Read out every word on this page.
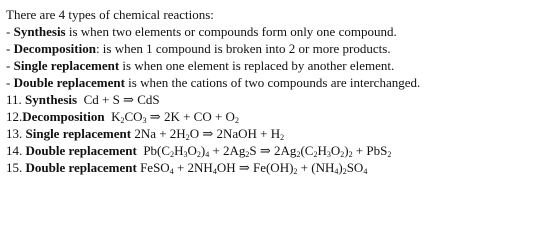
There are 4 types of chemical reactions:
- Synthesis is when two elements or compounds form only one compound.
- Decomposition: is when 1 compound is broken into 2 or more products.
- Single replacement is when one element is replaced by another element.
- Double replacement is when the cations of two compounds are interchanged.
11. Synthesis  Cd + S ⇒ CdS
12.Decomposition  $K_2CO_3$ ⇒ 2K + CO + $O_2$
13. Single replacement $2Na + 2H_2O$ ⇒ 2NaOH + $H_2$
14. Double replacement  $Pb(C_2H_3O_2)_4 + 2Ag_2S$ ⇒ $2Ag_2(C_2H_3O_2)_2 + PbS_2$
15. Double replacement FeSO$_4$ + $2NH_4OH$ ⇒ $Fe(OH)_2 + (NH_4)_2SO_4$
